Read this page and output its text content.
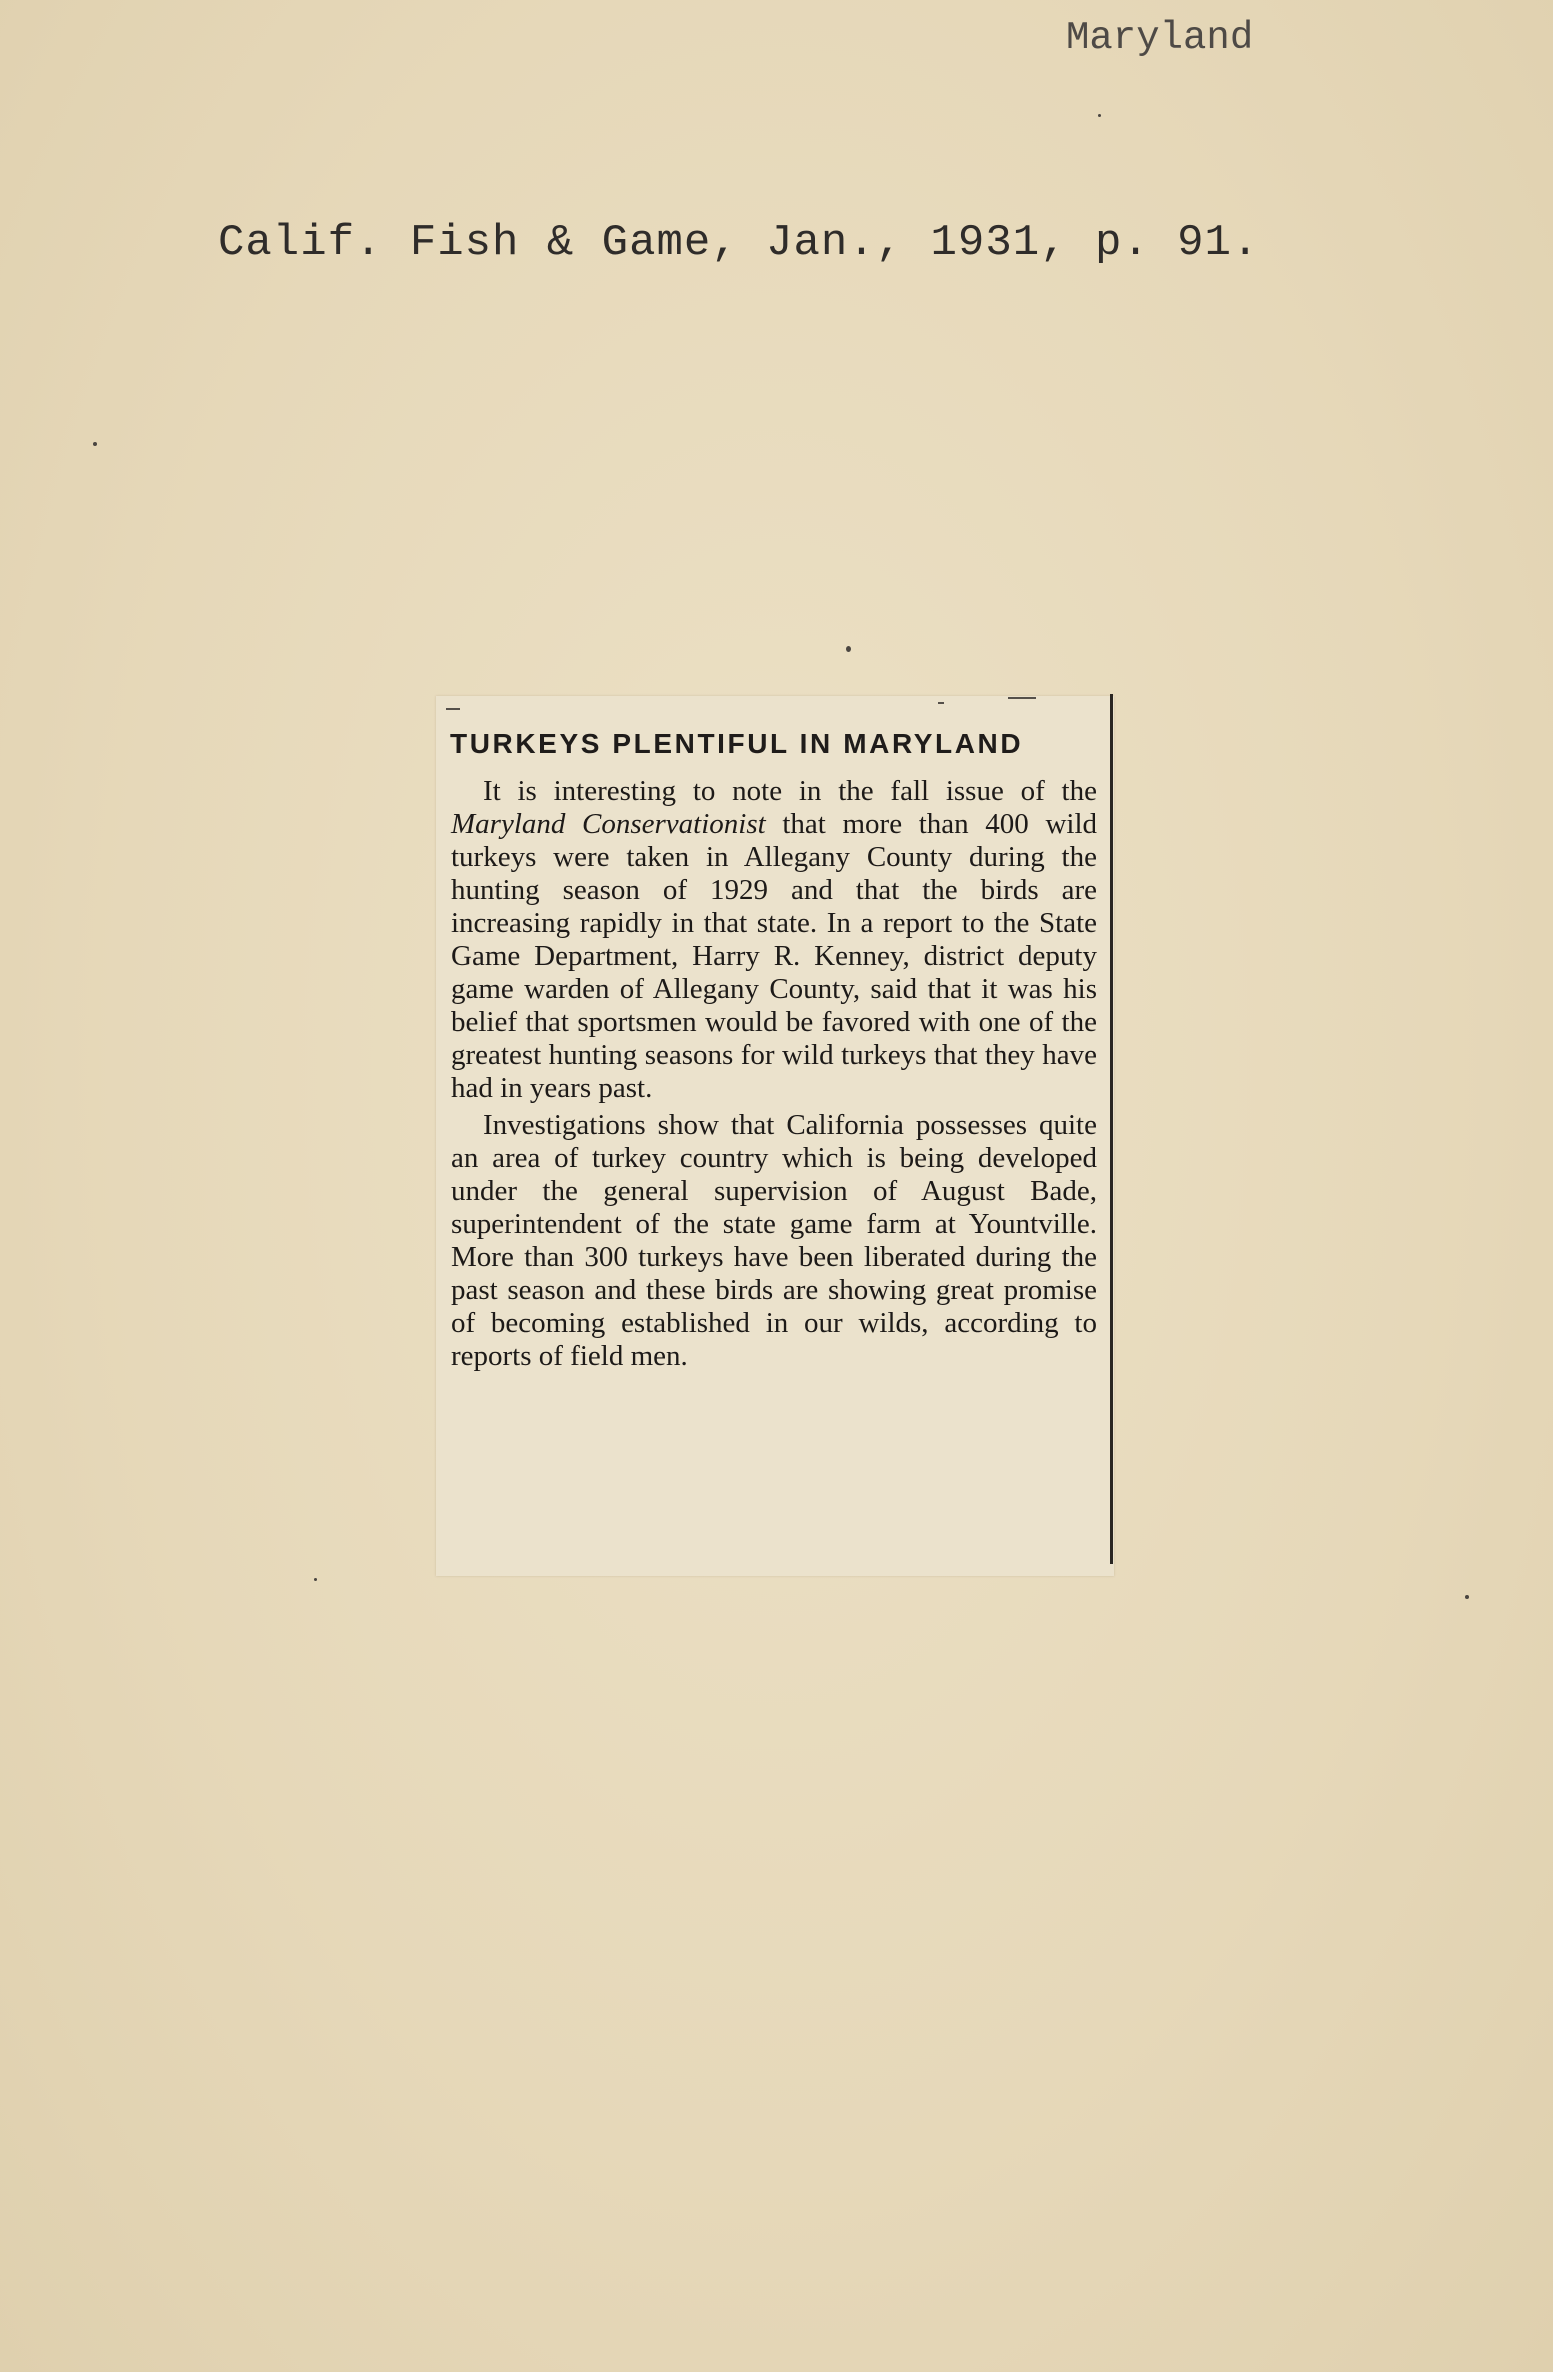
Maryland
Calif. Fish & Game, Jan., 1931, p. 91.
TURKEYS PLENTIFUL IN MARYLAND

It is interesting to note in the fall issue of the Maryland Conservationist that more than 400 wild turkeys were taken in Allegany County during the hunting season of 1929 and that the birds are increasing rapidly in that state. In a report to the State Game Department, Harry R. Kenney, district deputy game warden of Allegany County, said that it was his belief that sportsmen would be favored with one of the greatest hunting seasons for wild turkeys that they have had in years past.

Investigations show that California possesses quite an area of turkey country which is being developed under the general supervision of August Bade, superintendent of the state game farm at Yountville. More than 300 turkeys have been liberated during the past season and these birds are showing great promise of becoming established in our wilds, according to reports of field men.
